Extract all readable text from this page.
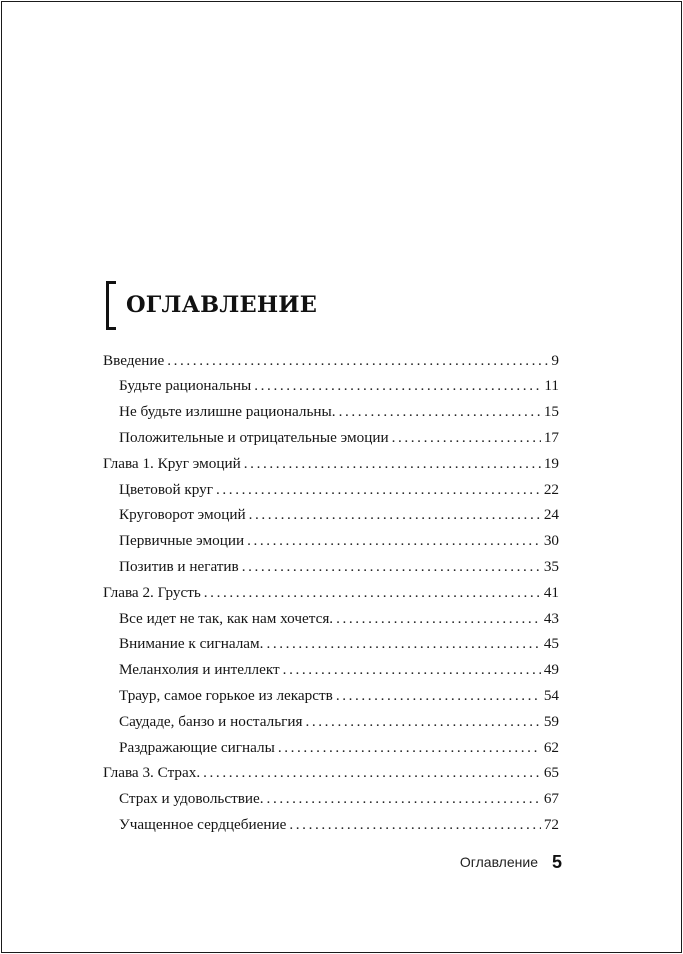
ОГЛАВЛЕНИЕ
Введение . . .	9
Будьте рациональны . . .	11
Не будьте излишне рациональны. . . .	15
Положительные и отрицательные эмоции . . .	17
Глава 1. Круг эмоций . . .	19
Цветовой круг . . .	22
Круговорот эмоций . . .	24
Первичные эмоции . . .	30
Позитив и негатив . . .	35
Глава 2. Грусть . . .	41
Все идет не так, как нам хочется. . . .	43
Внимание к сигналам. . . .	45
Меланхолия и интеллект . . .	49
Траур, самое горькое из лекарств . . .	54
Саудаде, банзо и ностальгия . . .	59
Раздражающие сигналы . . .	62
Глава 3. Страх. . . .	65
Страх и удовольствие. . . .	67
Учащенное сердцебиение . . .	72
Оглавление 5
